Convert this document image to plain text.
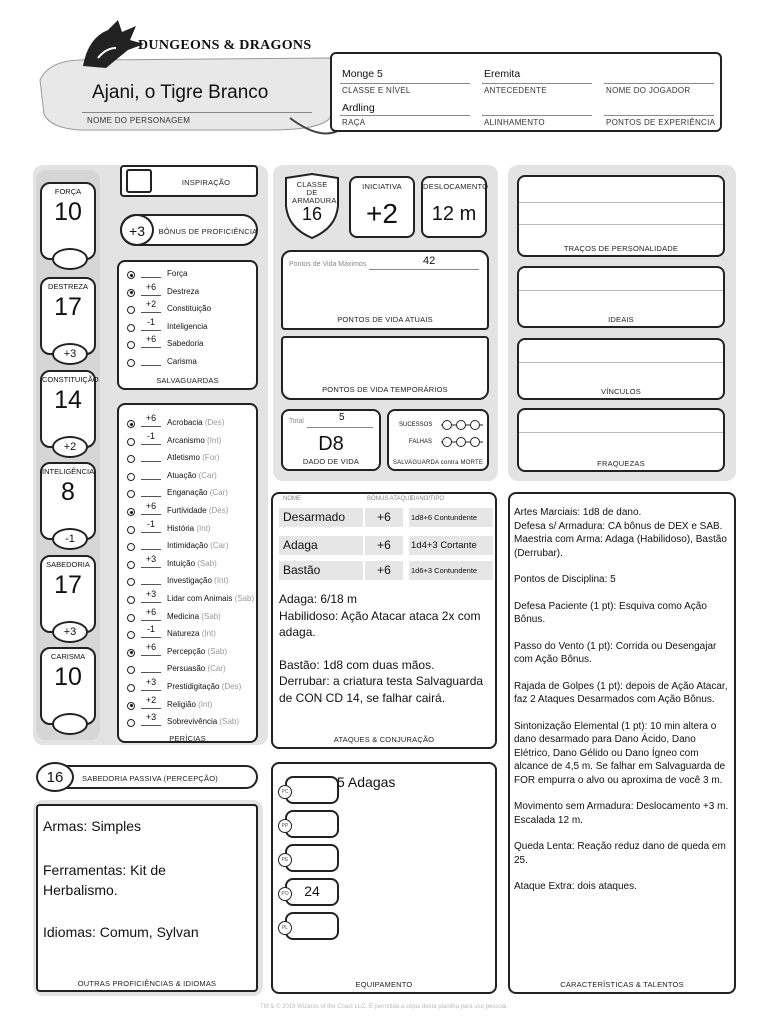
DUNGEONS & DRAGONS
Ajani, o Tigre Branco
NOME DO PERSONAGEM
Monge 5
CLASSE E NÍVEL
Eremita
ANTECEDENTE	NOME DO JOGADOR
Ardling
RAÇA	ALINHAMENTO	PONTOS DE EXPERIÊNCIA
FORÇA
10
DESTREZA
17
+3
CONSTITUIÇÃO
14
+2
INTELIGÊNCIA
8
-1
SABEDORIA
17
+3
CARISMA
10
INSPIRAÇÃO
+3	BÔNUS DE PROFICIÊNCIA
Força
+6	Destreza
+2	Constituição
-1	Inteligencia
+6	Sabedoria
Carisma
SALVAGUARDAS
+6	Acrobacia (Des)
-1	Arcanismo (Int)
Atletismo (For)
Atuação (Car)
Enganação (Car)
+6	Furtividade (Des)
-1	História (Int)
Intimidação (Car)
+3	Intuição (Sab)
Investigação (Int)
+3	Lidar com Animais (Sab)
+6	Medicina (Sab)
-1	Natureza (Int)
+6	Percepção (Sab)
Persuasão (Car)
+3	Prestidigitação (Des)
+2	Religião (Int)
+3	Sobrevivência (Sab)
PERÍCIAS
16	SABEDORIA PASSIVA (PERCEPÇÃO)
Armas: Simples
Ferramentas: Kit de Herbalismo.
Idiomas: Comum, Sylvan
OUTRAS PROFICIÊNCIAS & IDIOMAS
CLASSE DE ARMADURA
16
INICIATIVA
+2
DESLOCAMENTO
12 m
Pontos de Vida Máximos	42
PONTOS DE VIDA ATUAIS
PONTOS DE VIDA TEMPORÁRIOS
Total	5
D8
DADO DE VIDA
SUCESSOS
FALHAS
SALVAGUARDA contra MORTE
NOME	BÔNUS ATAQUE
DANO/TIPO
Desarmado	+6	1d8+6 Contundente
Adaga	+6	1d4+3 Cortante
Bastão	+6	1d6+3 Contundente
Adaga: 6/18 m
Habilidoso: Ação Atacar ataca 2x com adaga.
Bastão: 1d8 com duas mãos.
Derrubar: a criatura testa Salvaguarda de CON CD 14, se falhar cairá.
ATAQUES & CONJURAÇÃO
PC
PP
PE
PO	24
PL
5 Adagas
EQUIPAMENTO
TRAÇOS DE PERSONALIDADE
IDEAIS
VÍNCULOS
FRAQUEZAS
Artes Marciais: 1d8 de dano.
Defesa s/ Armadura: CA bônus de DEX e SAB.
Maestria com Arma: Adaga (Habilidoso), Bastão (Derrubar).
Pontos de Disciplina: 5
Defesa Paciente (1 pt): Esquiva como Ação Bônus.
Passo do Vento (1 pt): Corrida ou Desengajar com Ação Bônus.
Rajada de Golpes (1 pt): depois de Ação Atacar, faz 2 Ataques Desarmados com Ação Bônus.
Sintonização Elemental (1 pt): 10 min altera o dano desarmado para Dano Ácido, Dano Elétrico, Dano Gélido ou Dano Ígneo com alcance de 4,5 m. Se falhar em Salvaguarda de FOR empurra o alvo ou aproxima de você 3 m.
Movimento sem Armadura: Deslocamento +3 m. Escalada 12 m.
Queda Lenta: Reação reduz dano de queda em 25.
Ataque Extra: dois ataques.
CARACTERÍSTICAS & TALENTOS
TM & © 2019 Wizards of the Coast LLC. É permitida a cópia desta planilha para uso pessoal.
